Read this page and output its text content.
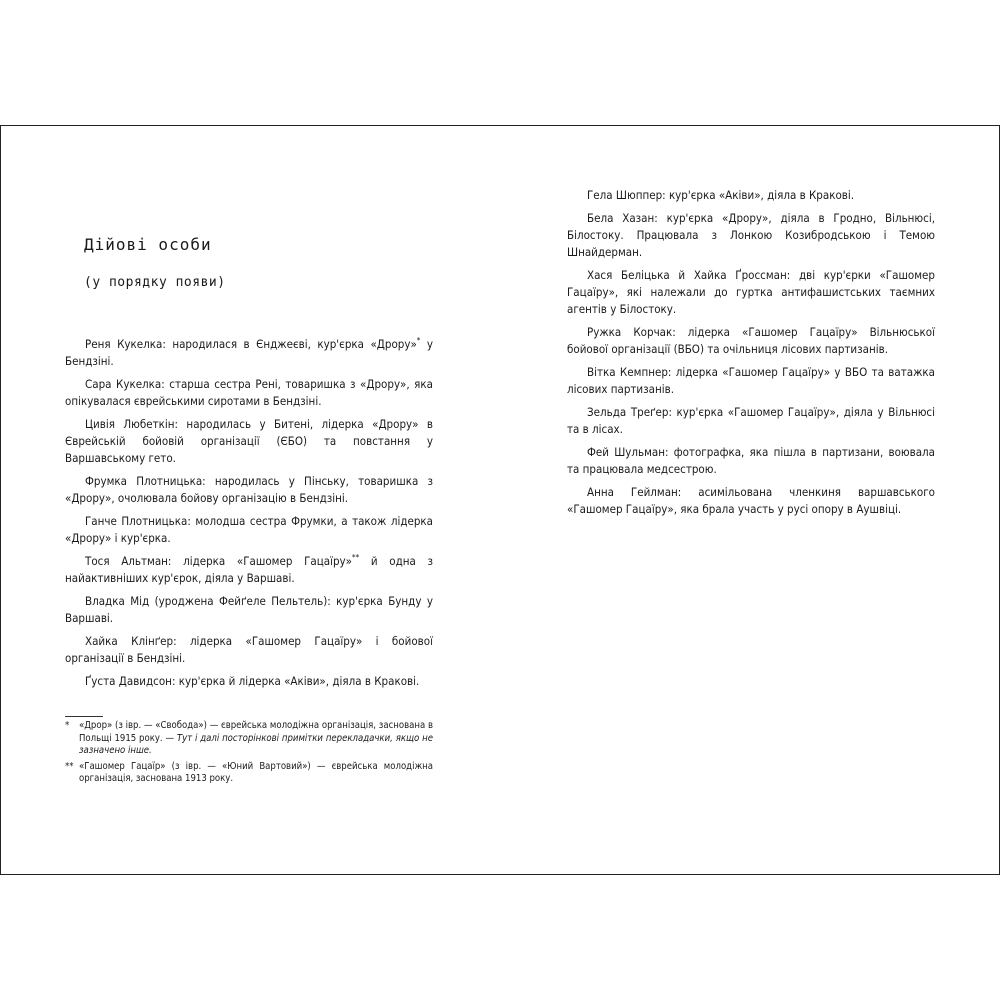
Дійові особи
(у порядку появи)

Реня Кукелка: народилася в Єнджеєві, кур'єрка «Дрору»* у Бендзіні.

Сара Кукелка: старша сестра Рені, товаришка з «Дрору», яка опікувалася єврейськими сиротами в Бендзіні.

Цивія Любеткін: народилась у Битені, лідерка «Дрору» в Єврейській бойовій організації (ЄБО) та повстання у Варшавському гето.

Фрумка Плотницька: народилась у Пінську, товаришка з «Дрору», очолювала бойову організацію в Бендзіні.

Ганче Плотницька: молодша сестра Фрумки, а також лідерка «Дрору» і кур'єрка.

Тося Альтман: лідерка «Гашомер Гацаїру»** й одна з найактивніших кур'єрок, діяла у Варшаві.

Владка Мід (уроджена Фейґеле Пельтель): кур'єрка Бунду у Варшаві.

Хайка Клінґер: лідерка «Гашомер Гацаїру» і бойової організації в Бендзіні.

Ґуста Давидсон: кур'єрка й лідерка «Аківи», діяла в Кракові.

*	«Дрор» (з івр. — «Свобода») — єврейська молодіжна організація, заснована в Польщі 1915 року. — Тут і далі посторінкові примітки перекладачки, якщо не зазначено інше.
** «Гашомер Гацаїр» (з івр. — «Юний Вартовий») — єврейська молодіжна організація, заснована 1913 року.

Гела Шюппер: кур'єрка «Аківи», діяла в Кракові.

Бела Хазан: кур'єрка «Дрору», діяла в Гродно, Вільнюсі, Білостоку. Працювала з Лонкою Козибродською і Темою Шнайдерман.

Хася Беліцька й Хайка Ґроссман: дві кур'єрки «Гашомер Гацаїру», які належали до гуртка антифашистських таємних агентів у Білостоку.

Ружка Корчак: лідерка «Гашомер Гацаїру» Вільнюської бойової організації (ВБО) та очільниця лісових партизанів.

Вітка Кемпнер: лідерка «Гашомер Гацаїру» у ВБО та ватажка лісових партизанів.

Зельда Треґер: кур'єрка «Гашомер Гацаїру», діяла у Вільнюсі та в лісах.

Фей Шульман: фотографка, яка пішла в партизани, воювала та працювала медсестрою.

Анна Гейлман: асимільована членкиня варшавського «Гашомер Гацаїру», яка брала участь у русі опору в Аушвіці.
